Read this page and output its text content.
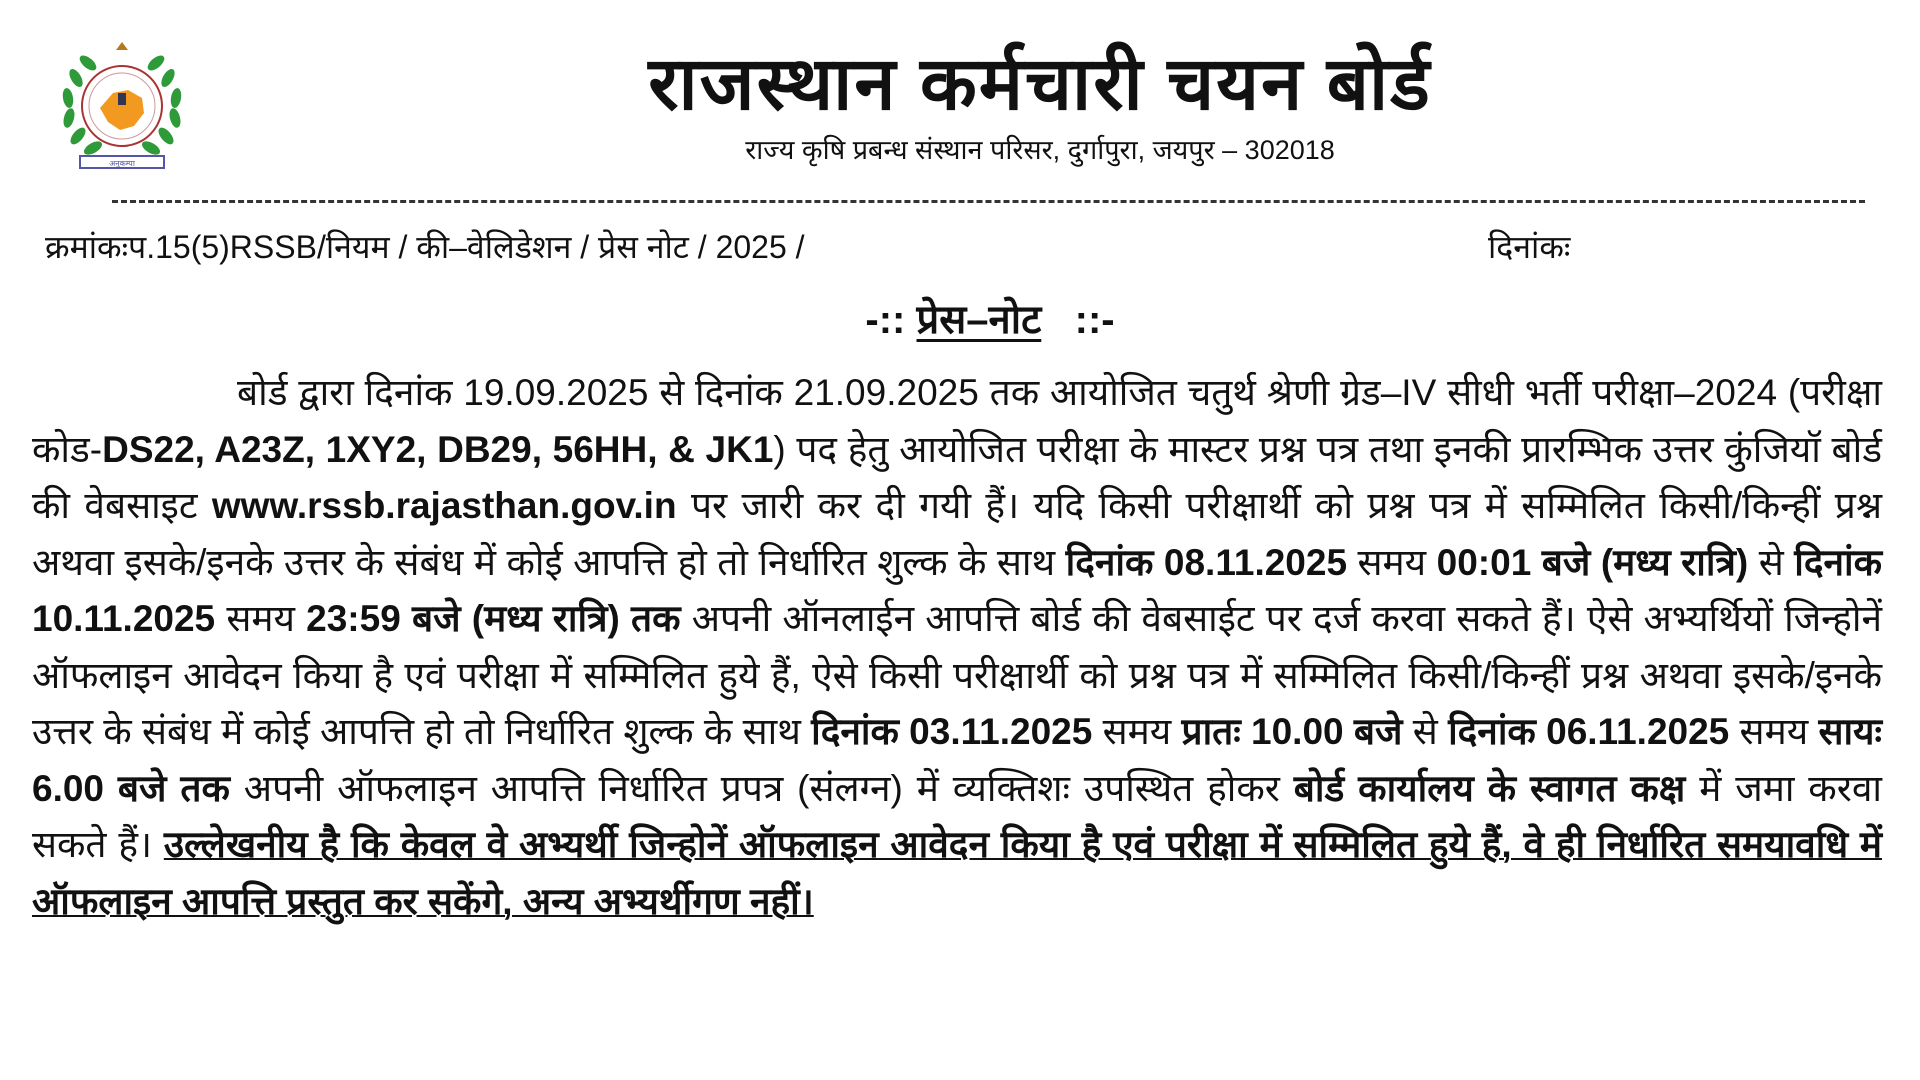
अनुकम्पा
राजस्थान कर्मचारी चयन बोर्ड
राज्य कृषि प्रबन्ध संस्थान परिसर, दुर्गापुरा, जयपुर – 302018
क्रमांकःप.15(5)RSSB/नियम / की–वेलिडेशन / प्रेस नोट / 2025 /	दिनांकः
-:: प्रेस–नोट ::-
बोर्ड द्वारा दिनांक 19.09.2025 से दिनांक 21.09.2025 तक आयोजित चतुर्थ श्रेणी ग्रेड–IV सीधी भर्ती परीक्षा–2024 (परीक्षा कोड-DS22, A23Z, 1XY2, DB29, 56HH, & JK1) पद हेतु आयोजित परीक्षा के मास्टर प्रश्न पत्र तथा इनकी प्रारम्भिक उत्तर कुंजियॉ बोर्ड की वेबसाइट www.rssb.rajasthan.gov.in पर जारी कर दी गयी हैं। यदि किसी परीक्षार्थी को प्रश्न पत्र में सम्मिलित किसी/किन्हीं प्रश्न अथवा इसके/इनके उत्तर के संबंध में कोई आपत्ति हो तो निर्धारित शुल्क के साथ दिनांक 08.11.2025 समय 00:01 बजे (मध्य रात्रि) से दिनांक 10.11.2025 समय 23:59 बजे (मध्य रात्रि) तक अपनी ऑनलाईन आपत्ति बोर्ड की वेबसाईट पर दर्ज करवा सकते हैं। ऐसे अभ्यर्थियों जिन्होनें ऑफलाइन आवेदन किया है एवं परीक्षा में सम्मिलित हुये हैं, ऐसे किसी परीक्षार्थी को प्रश्न पत्र में सम्मिलित किसी/किन्हीं प्रश्न अथवा इसके/इनके उत्तर के संबंध में कोई आपत्ति हो तो निर्धारित शुल्क के साथ दिनांक 03.11.2025 समय प्रातः 10.00 बजे से दिनांक 06.11.2025 समय सायः 6.00 बजे तक अपनी ऑफलाइन आपत्ति निर्धारित प्रपत्र (संलग्न) में व्यक्तिशः उपस्थित होकर बोर्ड कार्यालय के स्वागत कक्ष में जमा करवा सकते हैं। उल्लेखनीय है कि केवल वे अभ्यर्थी जिन्होनें ऑफलाइन आवेदन किया है एवं परीक्षा में सम्मिलित हुये हैं, वे ही निर्धारित समयावधि में ऑफलाइन आपत्ति प्रस्तुत कर सकेंगे, अन्य अभ्यर्थीगण नहीं।
